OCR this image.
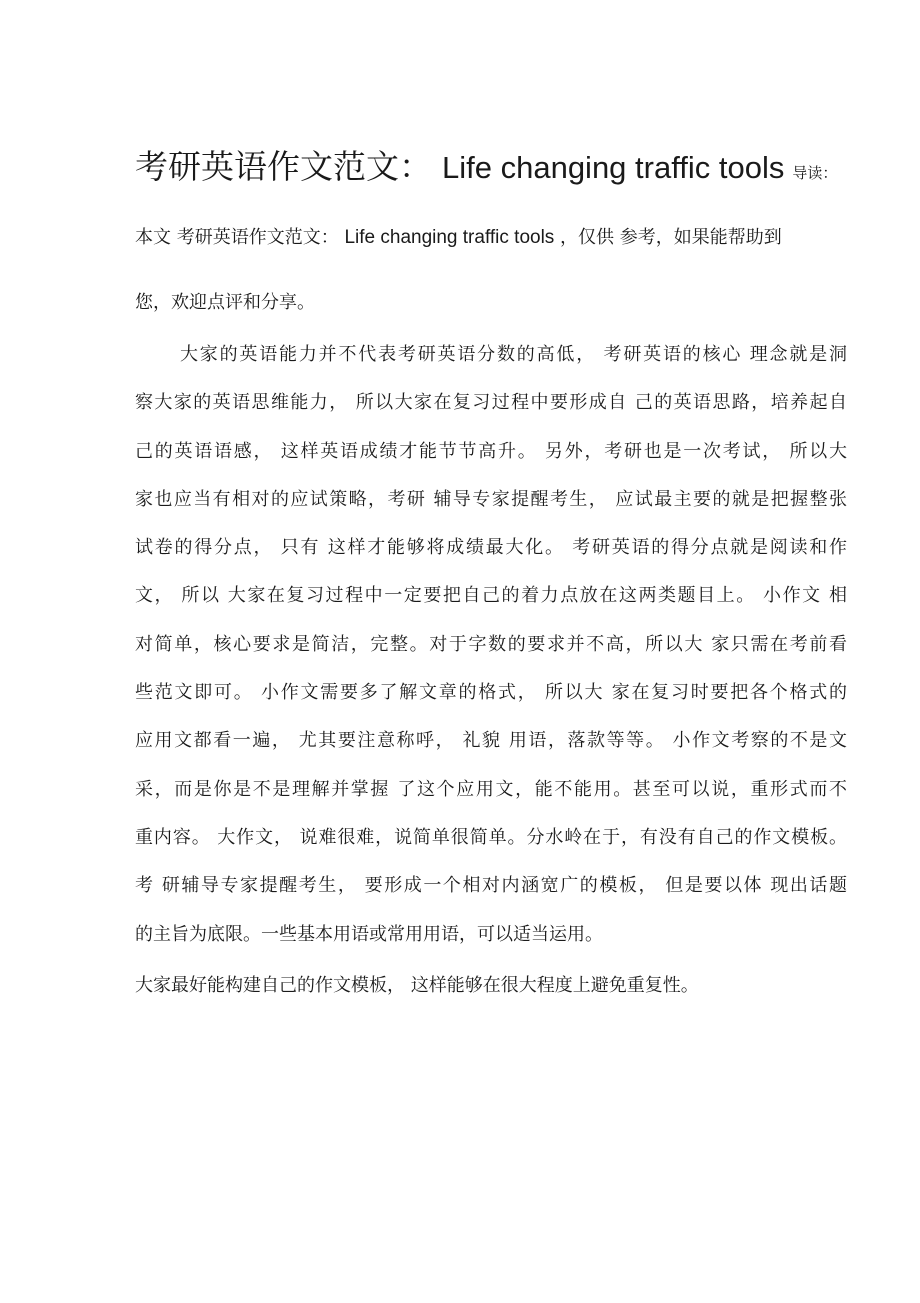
考研英语作文范文： Life changing traffic tools 导读：
本文 考研英语作文范文： Life changing traffic tools ，仅供 参考，如果能帮助到
您，欢迎点评和分享。
大家的英语能力并不代表考研英语分数的高低， 考研英语的核心 理念就是洞
察大家的英语思维能力， 所以大家在复习过程中要形成自 己的英语思路，培养起自
己的英语语感， 这样英语成绩才能节节高升。 另外，考研也是一次考试， 所以大
家也应当有相对的应试策略，考研 辅导专家提醒考生， 应试最主要的就是把握整张
试卷的得分点， 只有 这样才能够将成绩最大化。 考研英语的得分点就是阅读和作
文， 所以 大家在复习过程中一定要把自己的着力点放在这两类题目上。 小作文 相
对简单，核心要求是简洁，完整。对于字数的要求并不高，所以大 家只需在考前看
些范文即可。 小作文需要多了解文章的格式， 所以大 家在复习时要把各个格式的
应用文都看一遍， 尤其要注意称呼， 礼貌 用语，落款等等。 小作文考察的不是文
采，而是你是不是理解并掌握 了这个应用文，能不能用。甚至可以说，重形式而不
重内容。 大作文， 说难很难，说简单很简单。分水岭在于，有没有自己的作文模板。
考 研辅导专家提醒考生， 要形成一个相对内涵宽广的模板， 但是要以体 现出话题
的主旨为底限。一些基本用语或常用用语，可以适当运用。
大家最好能构建自己的作文模板， 这样能够在很大程度上避免重复性。
